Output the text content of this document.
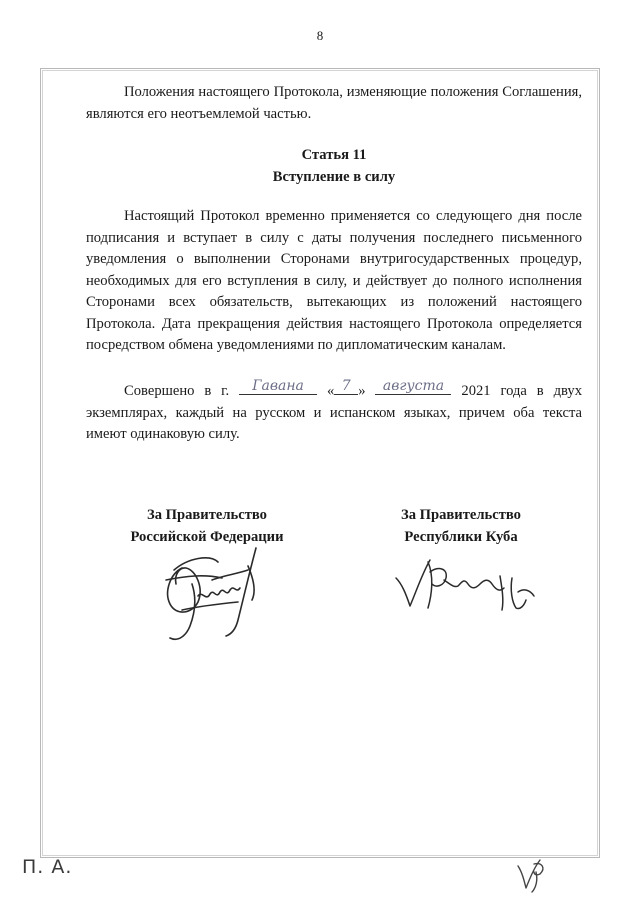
8
Положения настоящего Протокола, изменяющие положения Соглашения, являются его неотъемлемой частью.
Статья 11
Вступление в силу
Настоящий Протокол временно применяется со следующего дня после подписания и вступает в силу с даты получения последнего письменного уведомления о выполнении Сторонами внутригосударственных процедур, необходимых для его вступления в силу, и действует до полного исполнения Сторонами всех обязательств, вытекающих из положений настоящего Протокола. Дата прекращения действия настоящего Протокола определяется посредством обмена уведомлениями по дипломатическим каналам.
Совершено в г.	Гавана	« 7 »	августа	2021 года в двух экземплярах, каждый на русском и испанском языках, причем оба текста имеют одинаковую силу.
За Правительство
Российской Федерации
За Правительство
Республики Куба
П. А.
